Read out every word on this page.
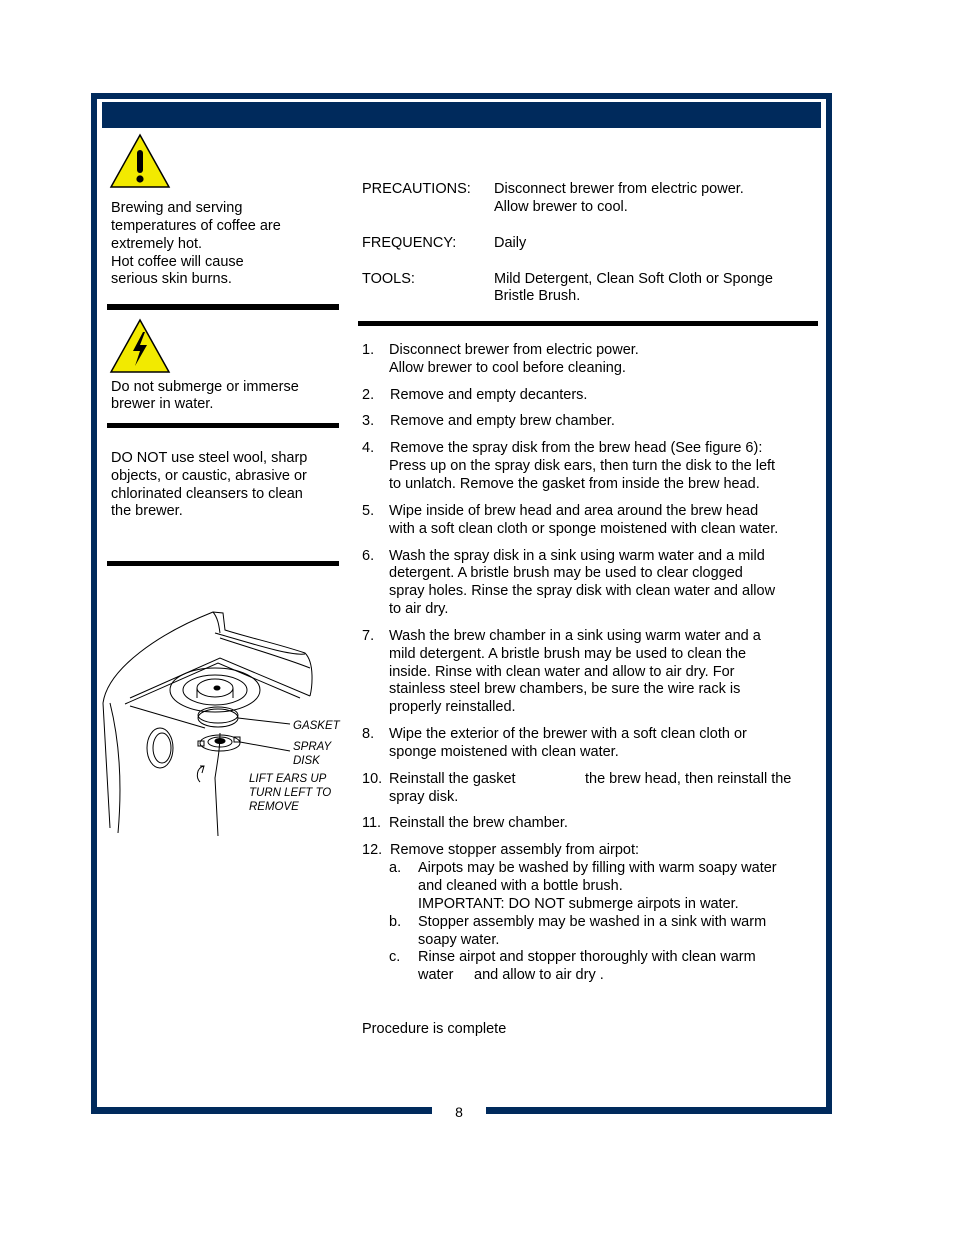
8
Brewing and serving
temperatures of coffee are
extremely hot.
Hot coffee will cause
serious skin burns.
Do not submerge or immerse
brewer in water.
DO NOT use steel wool, sharp
objects, or caustic, abrasive or
chlorinated cleansers to clean
the brewer.
GASKET
SPRAY
DISK
LIFT EARS UP
TURN LEFT TO
REMOVE
PRECAUTIONS: Disconnect brewer from electric power.
Allow brewer to cool.
FREQUENCY:	Daily
TOOLS:	Mild Detergent, Clean Soft Cloth or Sponge
Bristle Brush.
1. Disconnect brewer from electric power.
Allow brewer to cool before cleaning.
2. Remove and empty decanters.
3. Remove and empty brew chamber.
4. Remove the spray disk from the brew head (See figure 6):
Press up on the spray disk ears, then turn the disk to the left
to unlatch. Remove the gasket from inside the brew head.
5. Wipe inside of brew head and area around the brew head
with a soft clean cloth or sponge moistened with clean water.
6. Wash the spray disk in a sink using warm water and a mild
detergent. A bristle brush may be used to clear clogged
spray holes. Rinse the spray disk with clean water and allow
to air dry.
7. Wash the brew chamber in a sink using warm water and a
mild detergent. A bristle brush may be used to clean the
inside. Rinse with clean water and allow to air dry. For
stainless steel brew chambers, be sure the wire rack is
properly reinstalled.
8. Wipe the exterior of the brewer with a soft clean cloth or
sponge moistened with clean water.
10. Reinstall the gasket	the brew head, then reinstall the
spray disk.
11. Reinstall the brew chamber.
12. Remove stopper assembly from airpot:
a. Airpots may be washed by filling with warm soapy water
and cleaned with a bottle brush.
IMPORTANT: DO NOT submerge airpots in water.
b. Stopper assembly may be washed in a sink with warm
soapy water.
c. Rinse airpot and stopper thoroughly with clean warm
water and allow to air dry .
Procedure is complete
